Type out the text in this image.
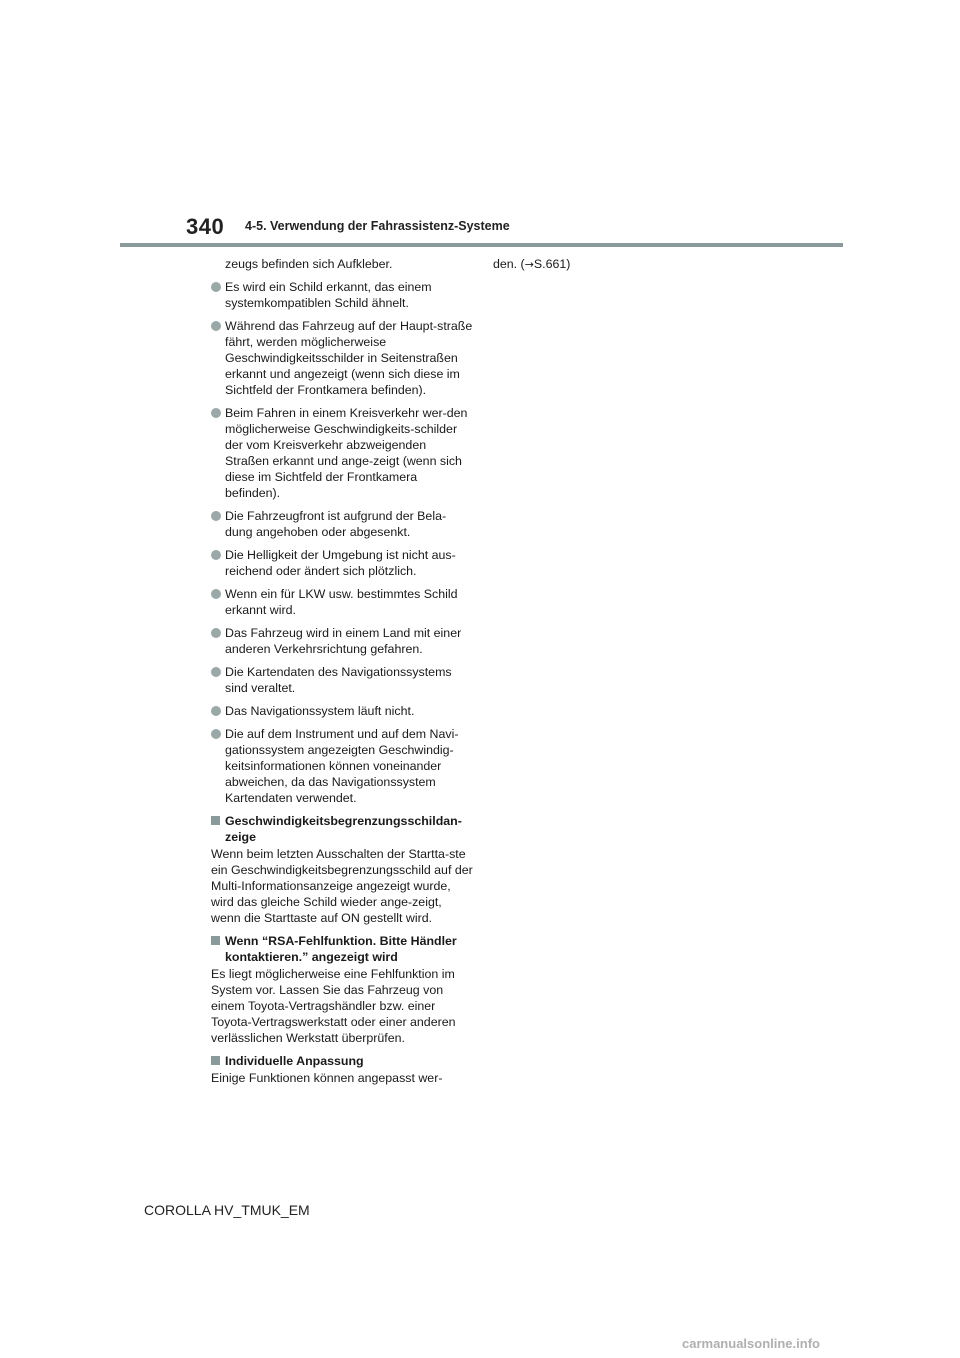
340 4-5. Verwendung der Fahrassistenz-Systeme
zeugs befinden sich Aufkleber.
Es wird ein Schild erkannt, das einem systemkompatiblen Schild ähnelt.
Während das Fahrzeug auf der Haupt-straße fährt, werden möglicherweise Geschwindigkeitsschilder in Seitenstraßen erkannt und angezeigt (wenn sich diese im Sichtfeld der Frontkamera befinden).
Beim Fahren in einem Kreisverkehr wer-den möglicherweise Geschwindigkeits-schilder der vom Kreisverkehr abzweigenden Straßen erkannt und ange-zeigt (wenn sich diese im Sichtfeld der Frontkamera befinden).
Die Fahrzeugfront ist aufgrund der Bela-dung angehoben oder abgesenkt.
Die Helligkeit der Umgebung ist nicht aus-reichend oder ändert sich plötzlich.
Wenn ein für LKW usw. bestimmtes Schild erkannt wird.
Das Fahrzeug wird in einem Land mit einer anderen Verkehrsrichtung gefahren.
Die Kartendaten des Navigationssystems sind veraltet.
Das Navigationssystem läuft nicht.
Die auf dem Instrument und auf dem Navi-gationssystem angezeigten Geschwindig-keitsinformationen können voneinander abweichen, da das Navigationssystem Kartendaten verwendet.
Geschwindigkeitsbegrenzungsschildan-zeige
Wenn beim letzten Ausschalten der Startta-ste ein Geschwindigkeitsbegrenzungsschild auf der Multi-Informationsanzeige angezeigt wurde, wird das gleiche Schild wieder ange-zeigt, wenn die Starttaste auf ON gestellt wird.
Wenn “RSA-Fehlfunktion. Bitte Händler kontaktieren.” angezeigt wird
Es liegt möglicherweise eine Fehlfunktion im System vor. Lassen Sie das Fahrzeug von einem Toyota-Vertragshändler bzw. einer Toyota-Vertragswerkstatt oder einer anderen verlässlichen Werkstatt überprüfen.
Individuelle Anpassung
Einige Funktionen können angepasst wer-
den. (→S.661)
COROLLA HV_TMUK_EM
carmanualsonline.info
